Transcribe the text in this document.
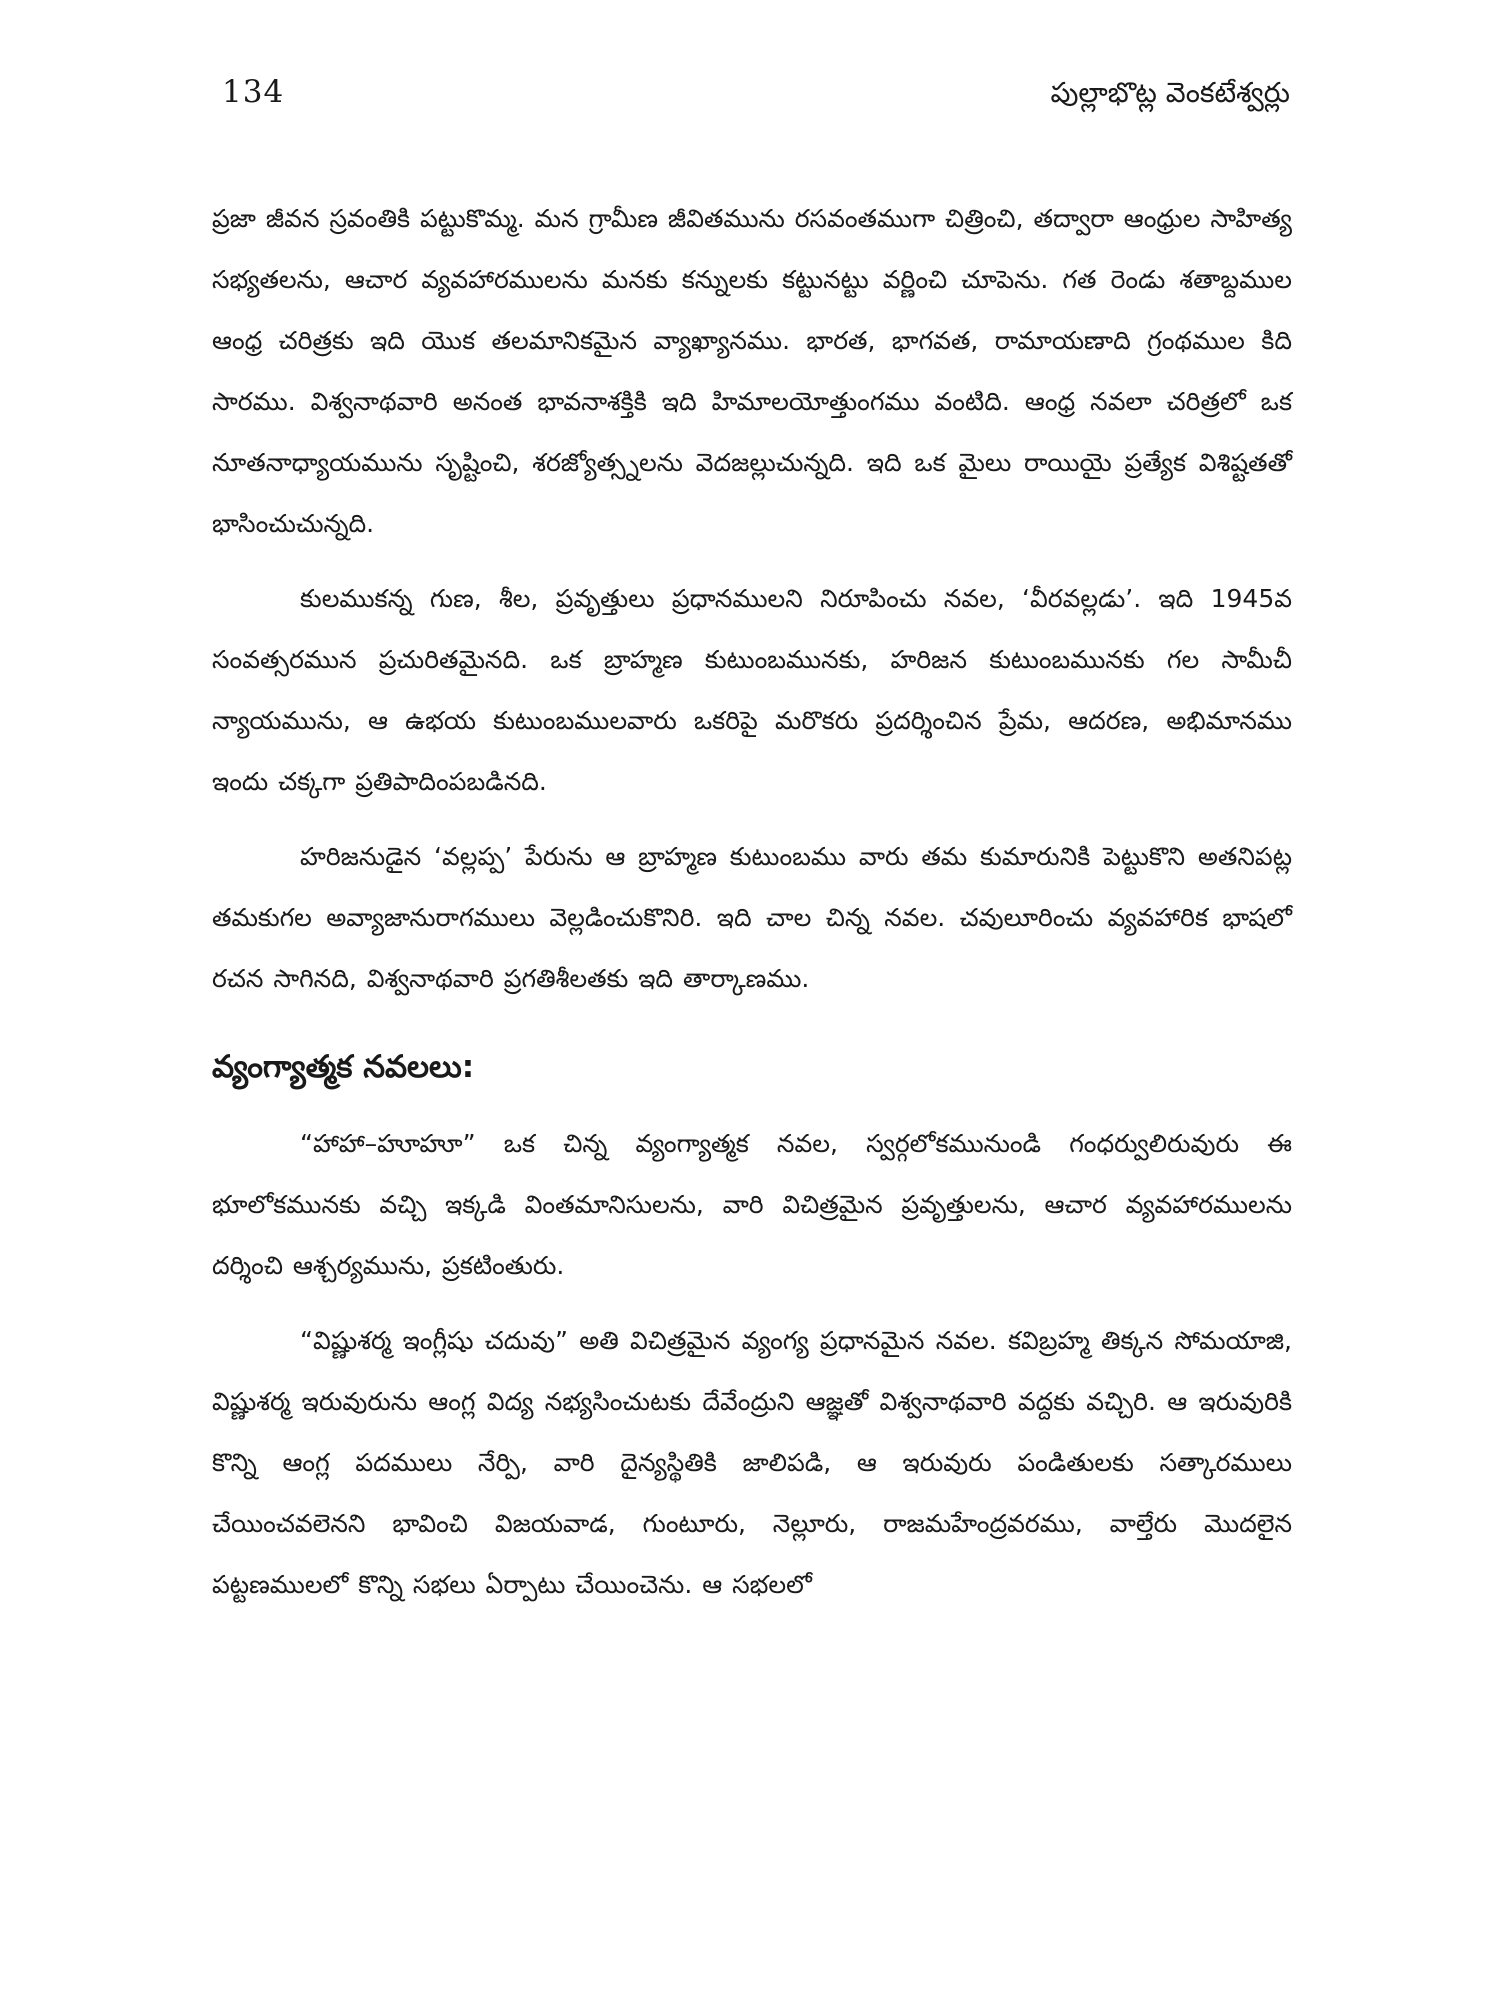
134	పుల్లాభొట్ల వెంకటేశ్వర్లు

ప్రజా జీవన స్రవంతికి పట్టుకొమ్మ. మన గ్రామీణ జీవితమును రసవంతముగా చిత్రించి, తద్వారా ఆంధ్రుల సాహిత్య సభ్యతలను, ఆచార వ్యవహారములను మనకు కన్నులకు కట్టునట్టు వర్ణించి చూపెను. గత రెండు శతాబ్దముల ఆంధ్ర చరిత్రకు ఇది యొక తలమానికమైన వ్యాఖ్యానము. భారత, భాగవత, రామాయణాది గ్రంథముల కిది సారము. విశ్వనాథవారి అనంత భావనాశక్తికి ఇది హిమాలయోత్తుంగము వంటిది. ఆంధ్ర నవలా చరిత్రలో ఒక నూతనాధ్యాయమును సృష్టించి, శరజ్యోత్స్నలను వెదజల్లుచున్నది. ఇది ఒక మైలు రాయియై ప్రత్యేక విశిష్టతతో భాసించుచున్నది.

కులముకన్న గుణ, శీల, ప్రవృత్తులు ప్రధానములని నిరూపించు నవల, ‘వీరవల్లడు’. ఇది 1945వ సంవత్సరమున ప్రచురితమైనది. ఒక బ్రాహ్మణ కుటుంబమునకు, హరిజన కుటుంబమునకు గల సామీచీ న్యాయమును, ఆ ఉభయ కుటుంబములవారు ఒకరిపై మరొకరు ప్రదర్శించిన ప్రేమ, ఆదరణ, అభిమానము ఇందు చక్కగా ప్రతిపాదింపబడినది.

హరిజనుడైన ‘వల్లప్ప’ పేరును ఆ బ్రాహ్మణ కుటుంబము వారు తమ కుమారునికి పెట్టుకొని అతనిపట్ల తమకుగల అవ్యాజానురాగములు వెల్లడించుకొనిరి. ఇది చాల చిన్న నవల. చవులూరించు వ్యవహారిక భాషలో రచన సాగినది, విశ్వనాథవారి ప్రగతిశీలతకు ఇది తార్కాణము.

వ్యంగ్యాత్మక నవలలు:

“హాహా–హూహూ” ఒక చిన్న వ్యంగ్యాత్మక నవల, స్వర్గలోకమునుండి గంధర్వులిరువురు ఈ భూలోకమునకు వచ్చి ఇక్కడి వింతమానిసులను, వారి విచిత్రమైన ప్రవృత్తులను, ఆచార వ్యవహారములను దర్శించి ఆశ్చర్యమును, ప్రకటింతురు.

“విష్ణుశర్మ ఇంగ్లీషు చదువు” అతి విచిత్రమైన వ్యంగ్య ప్రధానమైన నవల. కవిబ్రహ్మ తిక్కన సోమయాజి, విష్ణుశర్మ ఇరువురును ఆంగ్ల విద్య నభ్యసించుటకు దేవేంద్రుని ఆజ్ఞతో విశ్వనాథవారి వద్దకు వచ్చిరి. ఆ ఇరువురికి కొన్ని ఆంగ్ల పదములు నేర్పి, వారి దైన్యస్థితికి జాలిపడి, ఆ ఇరువురు పండితులకు సత్కారములు చేయించవలెనని భావించి విజయవాడ, గుంటూరు, నెల్లూరు, రాజమహేంద్రవరము, వాల్తేరు మొదలైన పట్టణములలో కొన్ని సభలు ఏర్పాటు చేయించెను. ఆ సభలలో
